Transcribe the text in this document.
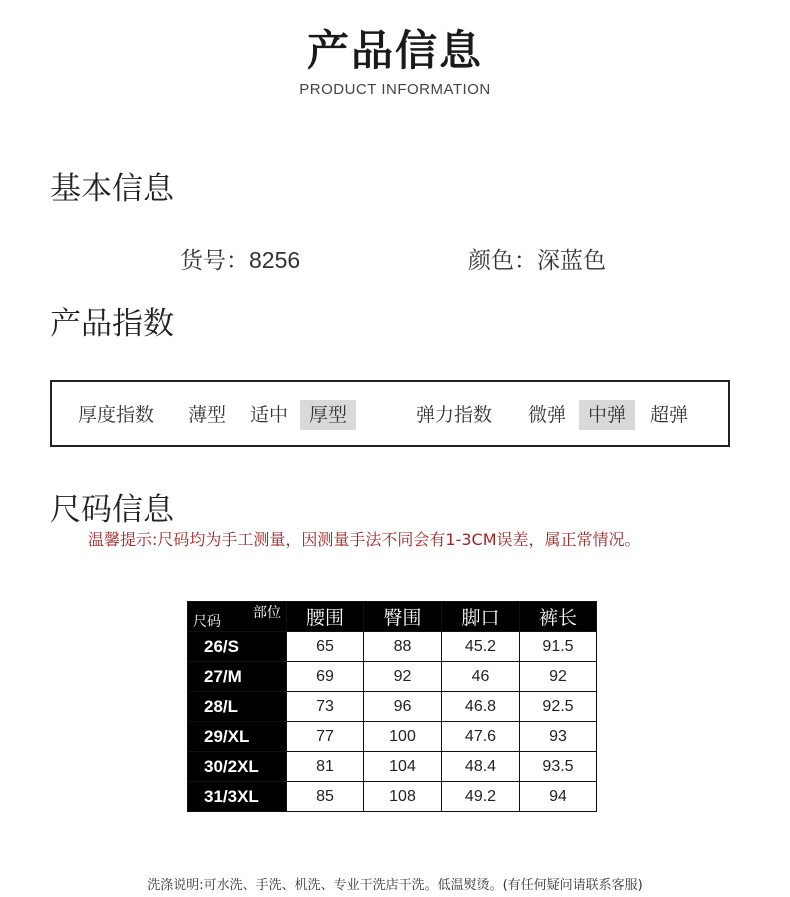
产品信息
PRODUCT INFORMATION
基本信息
货号：8256	颜色：深蓝色
产品指数
厚度指数 薄型 适中	厚型	弹力指数 微弹	中弹	超弹
尺码信息
温馨提示:尺码均为手工测量，因测量手法不同会有1-3CM误差，属正常情况。
部位
尺码	腰围	臀围	脚口	裤长
26/S	65	88	45.2	91.5
27/M	69	92	46	92
28/L	73	96	46.8	92.5
29/XL	77	100	47.6	93
30/2XL	81	104	48.4	93.5
31/3XL	85	108	49.2	94
洗涤说明:可水洗、手洗、机洗、专业干洗店干洗。低温熨烫。(有任何疑问请联系客服)
